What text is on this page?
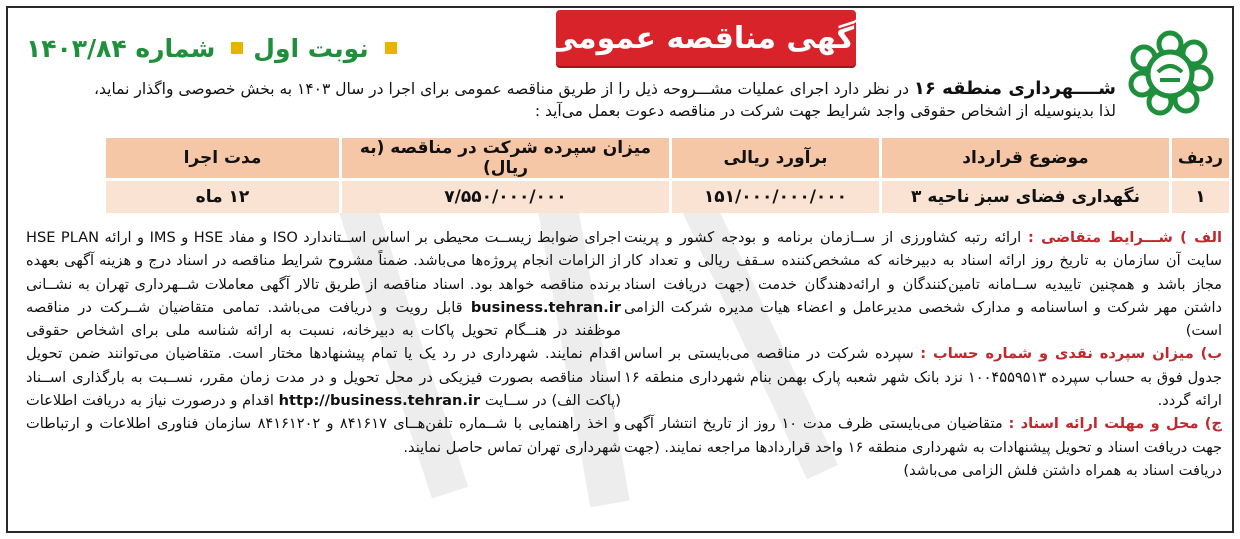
آگهی مناقصه عمومی
نوبت اول
شماره ۱۴۰۳/۸۴
شــــهرداری منطقه ۱۶ در نظر دارد اجرای عملیات مشـــروحه ذیل را از طریق مناقصه عمومی برای اجرا در سال ۱۴۰۳ به بخش خصوصی واگذار نماید،
لذا بدینوسیله از اشخاص حقوقی واجد شرایط جهت شرکت در مناقصه دعوت بعمل می‌آید :
ردیف	موضوع قرارداد	برآورد ریالی	میزان سپرده شرکت در مناقصه (به ریال)	مدت اجرا
۱	نگهداری فضای سبز ناحیه ۳	۱۵۱/۰۰۰/۰۰۰/۰۰۰	۷/۵۵۰/۰۰۰/۰۰۰	۱۲ ماه

الف ) شـــرایط متقاضی : ارائه رتبه کشاورزی از ســازمان برنامه و بودجه کشور و پرینت سایت آن سازمان به تاریخ روز ارائه اسناد به دبیرخانه که مشخص‌کننده سـقف ریالی و تعداد کار مجاز باشد و همچنین تاییدیه ســامانه تامین‌کنندگان و ارائه‌دهندگان خدمت (جهت دریافت اسناد داشتن مهر شرکت و اساسنامه و مدارک شخصی مدیرعامل و اعضاء هیات مدیره شرکت الزامی است)

ب) میزان سپرده نقدی و شماره حساب : سپرده شرکت در مناقصه می‌بایستی بر اساس جدول فوق به حساب سپرده ۱۰۰۴۵۵۹۵۱۳ نزد بانک شهر شعبه پارک بهمن بنام شهرداری منطقه ۱۶ ارائه گردد.

ج) محل و مهلت ارائه اسناد : متقاضیان می‌بایستی ظرف مدت ۱۰ روز از تاریخ انتشار آگهی جهت دریافت اسناد و تحویل پیشنهادات به شهرداری منطقه ۱۶ واحد قراردادها مراجعه نمایند. (جهت دریافت اسناد به همراه داشتن فلش الزامی می‌باشد)

اجرای ضوابط زیســت محیطی بر اساس اســتاندارد ISO و مفاد HSE و IMS و ارائه HSE PLAN از الزامات انجام پروژه‌ها می‌باشد. ضمناً مشروح شرایط مناقصه در اسناد درج و هزینه آگهی بعهده برنده مناقصه خواهد بود. اسناد مناقصه از طریق تالار آگهی معاملات شــهرداری تهران به نشــانی business.tehran.ir قابل رویت و دریافت می‌باشد. تمامی متقاضیان شــرکت در مناقصه موظفند در هنــگام تحویل پاکات به دبیرخانه، نسبت به ارائه شناسه ملی برای اشخاص حقوقی اقدام نمایند. شهرداری در رد یک یا تمام پیشنهادها مختار است. متقاضیان می‌توانند ضمن تحویل اسناد مناقصه بصورت فیزیکی در محل تحویل و در مدت زمان مقرر، نســبت به بارگذاری اســناد (پاکت الف) در ســایت http://business.tehran.ir اقدام و درصورت نیاز به دریافت اطلاعات و اخذ راهنمایی با شــماره تلفن‌هــای ۸۴۱۶۱۷ و ۸۴۱۶۱۲۰۲ سازمان فناوری اطلاعات و ارتباطات شهرداری تهران تماس حاصل نمایند.
